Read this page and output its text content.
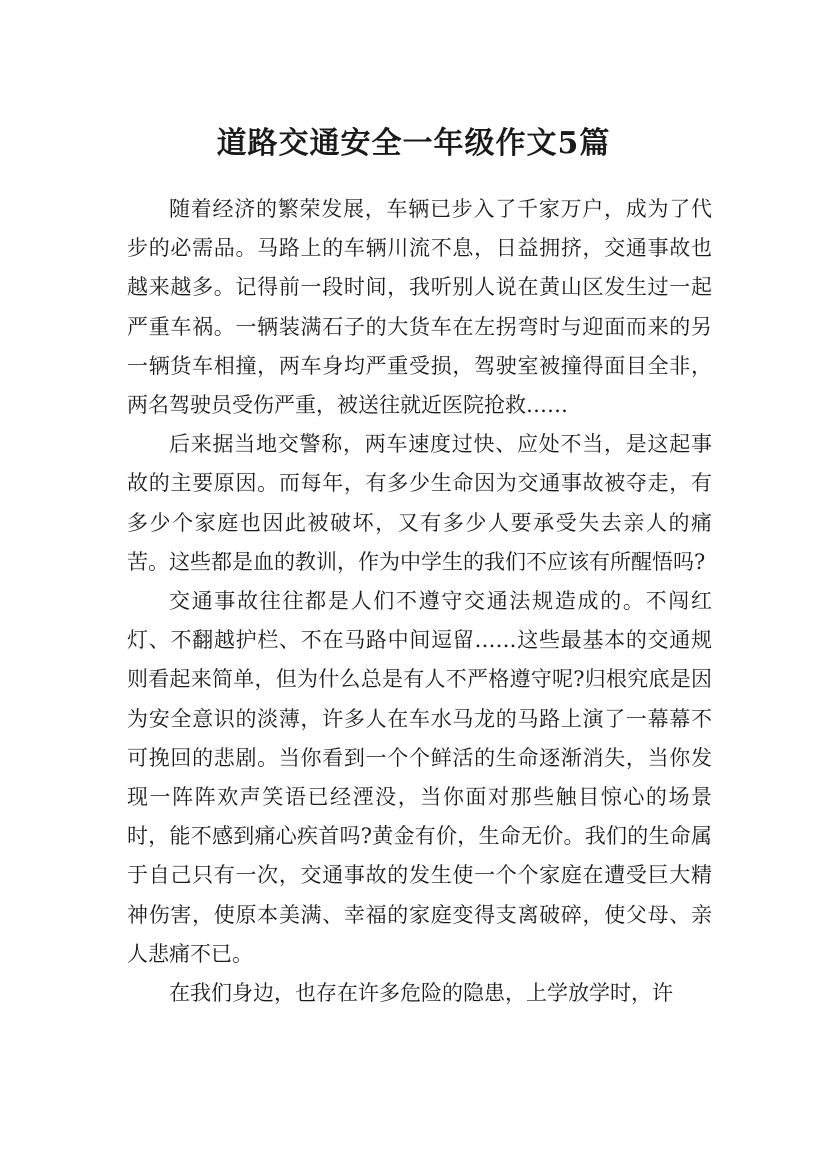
道路交通安全一年级作文5篇

随着经济的繁荣发展，车辆已步入了千家万户，成为了代步的必需品。马路上的车辆川流不息，日益拥挤，交通事故也越来越多。记得前一段时间，我听别人说在黄山区发生过一起严重车祸。一辆装满石子的大货车在左拐弯时与迎面而来的另一辆货车相撞，两车身均严重受损，驾驶室被撞得面目全非，两名驾驶员受伤严重，被送往就近医院抢救……

后来据当地交警称，两车速度过快、应处不当，是这起事故的主要原因。而每年，有多少生命因为交通事故被夺走，有多少个家庭也因此被破坏，又有多少人要承受失去亲人的痛苦。这些都是血的教训，作为中学生的我们不应该有所醒悟吗?

交通事故往往都是人们不遵守交通法规造成的。不闯红灯、不翻越护栏、不在马路中间逗留……这些最基本的交通规则看起来简单，但为什么总是有人不严格遵守呢?归根究底是因为安全意识的淡薄，许多人在车水马龙的马路上演了一幕幕不可挽回的悲剧。当你看到一个个鲜活的生命逐渐消失，当你发现一阵阵欢声笑语已经湮没，当你面对那些触目惊心的场景时，能不感到痛心疾首吗?黄金有价，生命无价。我们的生命属于自己只有一次，交通事故的发生使一个个家庭在遭受巨大精神伤害，使原本美满、幸福的家庭变得支离破碎，使父母、亲人悲痛不已。

在我们身边，也存在许多危险的隐患，上学放学时，许
